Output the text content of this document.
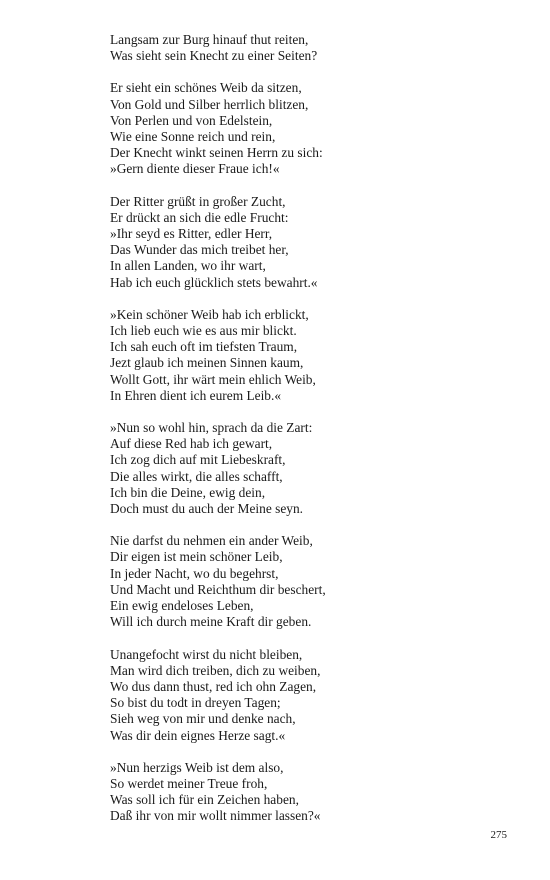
Langsam zur Burg hinauf thut reiten,
Was sieht sein Knecht zu einer Seiten?
Er sieht ein schönes Weib da sitzen,
Von Gold und Silber herrlich blitzen,
Von Perlen und von Edelstein,
Wie eine Sonne reich und rein,
Der Knecht winkt seinen Herrn zu sich:
»Gern diente dieser Fraue ich!«
Der Ritter grüßt in großer Zucht,
Er drückt an sich die edle Frucht:
»Ihr seyd es Ritter, edler Herr,
Das Wunder das mich treibet her,
In allen Landen, wo ihr wart,
Hab ich euch glücklich stets bewahrt.«
»Kein schöner Weib hab ich erblickt,
Ich lieb euch wie es aus mir blickt.
Ich sah euch oft im tiefsten Traum,
Jezt glaub ich meinen Sinnen kaum,
Wollt Gott, ihr wärt mein ehlich Weib,
In Ehren dient ich eurem Leib.«
»Nun so wohl hin, sprach da die Zart:
Auf diese Red hab ich gewart,
Ich zog dich auf mit Liebeskraft,
Die alles wirkt, die alles schafft,
Ich bin die Deine, ewig dein,
Doch must du auch der Meine seyn.
Nie darfst du nehmen ein ander Weib,
Dir eigen ist mein schöner Leib,
In jeder Nacht, wo du begehrst,
Und Macht und Reichthum dir beschert,
Ein ewig endeloses Leben,
Will ich durch meine Kraft dir geben.
Unangefocht wirst du nicht bleiben,
Man wird dich treiben, dich zu weiben,
Wo dus dann thust, red ich ohn Zagen,
So bist du todt in dreyen Tagen;
Sieh weg von mir und denke nach,
Was dir dein eignes Herze sagt.«
»Nun herzigs Weib ist dem also,
So werdet meiner Treue froh,
Was soll ich für ein Zeichen haben,
Daß ihr von mir wollt nimmer lassen?«
275
